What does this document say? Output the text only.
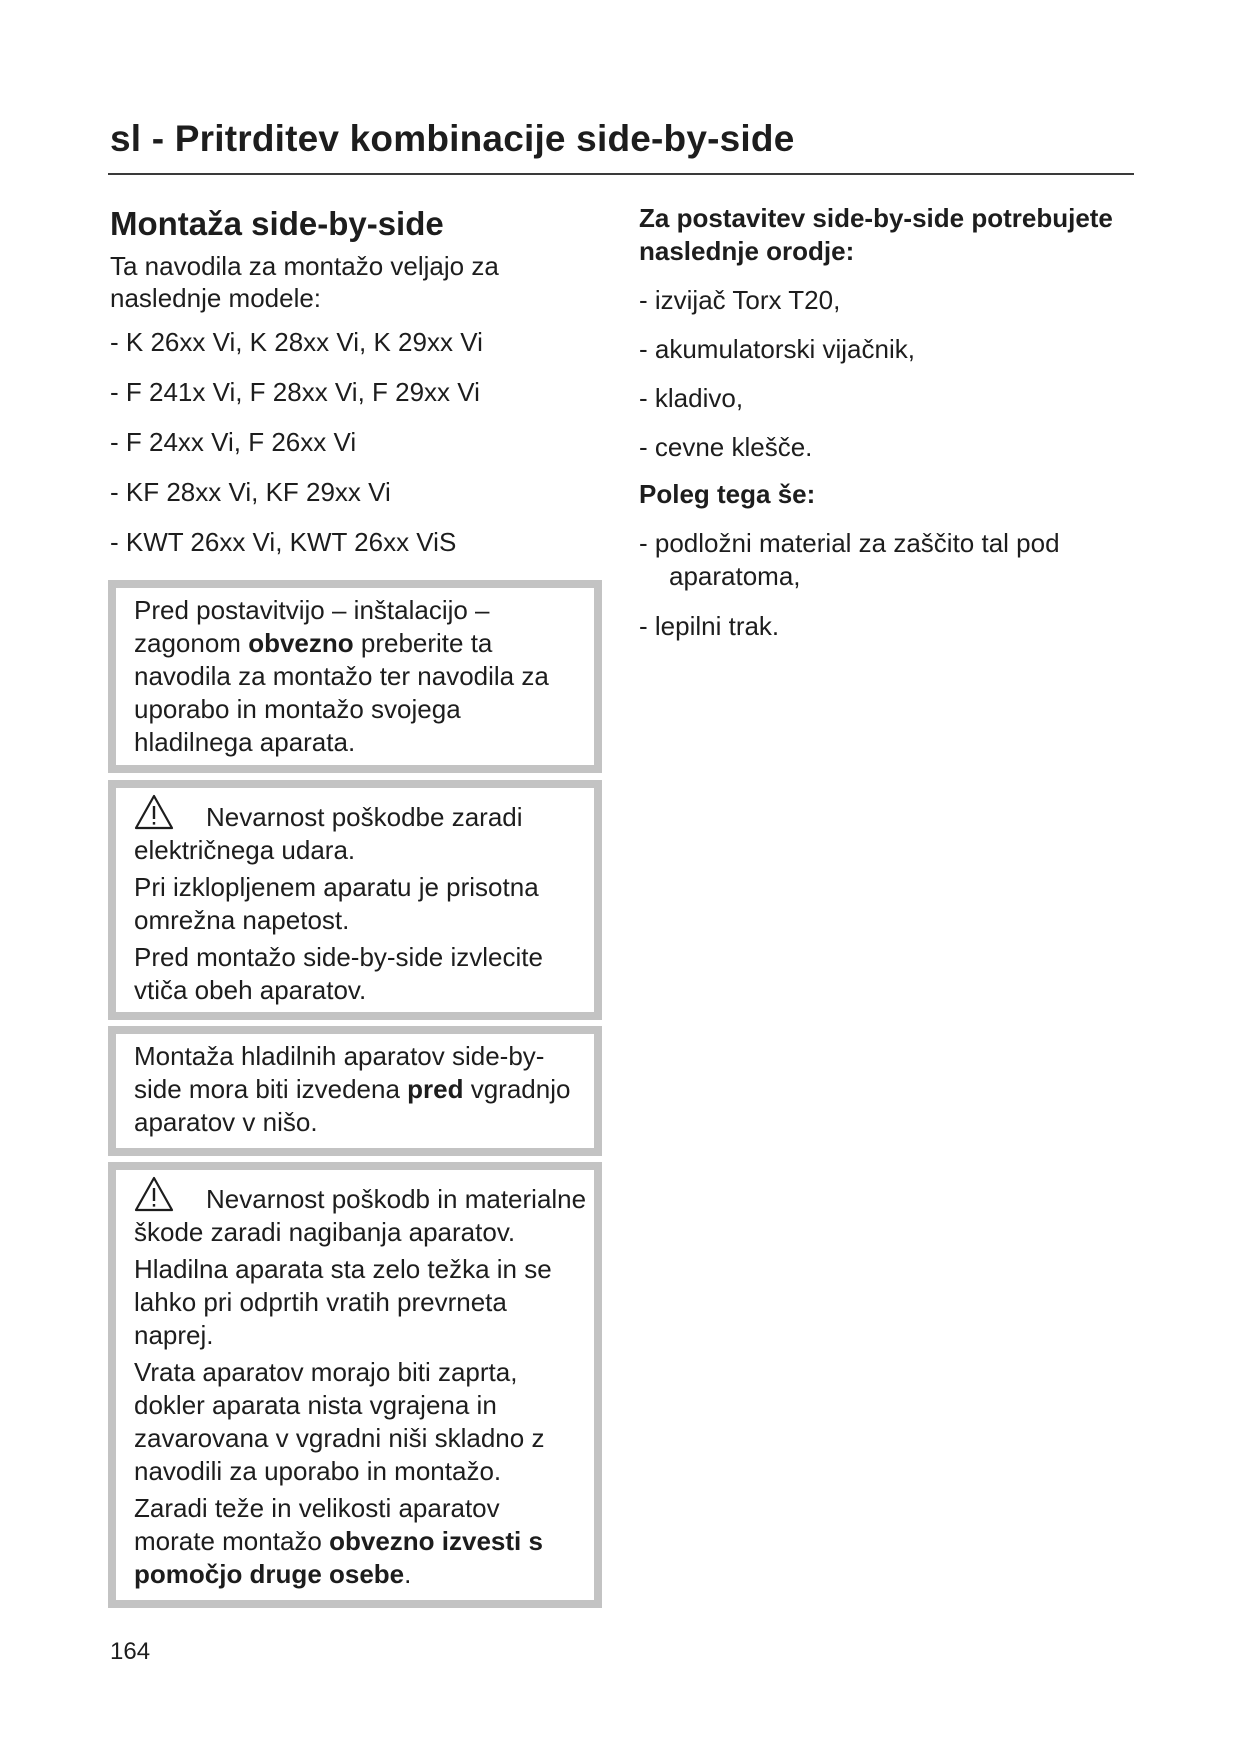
sl - Pritrditev kombinacije side-by-side
Montaža side-by-side

Ta navodila za montažo veljajo za naslednje modele:

- K 26xx Vi, K 28xx Vi, K 29xx Vi
- F 241x Vi, F 28xx Vi, F 29xx Vi
- F 24xx Vi, F 26xx Vi
- KF 28xx Vi, KF 29xx Vi
- KWT 26xx Vi, KWT 26xx ViS

Pred postavitvijo – inštalacijo – zagonom obvezno preberite ta navodila za montažo ter navodila za uporabo in montažo svojega hladilnega aparata.

Nevarnost poškodbe zaradi električnega udara.

Pri izklopljenem aparatu je prisotna omrežna napetost.

Pred montažo side-by-side izvlecite vtiča obeh aparatov.

Montaža hladilnih aparatov side-by-side mora biti izvedena pred vgradnjo aparatov v nišo.

Nevarnost poškodb in materialne

škode zaradi nagibanja aparatov.

Hladilna aparata sta zelo težka in se lahko pri odprtih vratih prevrneta naprej.

Vrata aparatov morajo biti zaprta, dokler aparata nista vgrajena in zavarovana v vgradni niši skladno z navodili za uporabo in montažo.

Zaradi teže in velikosti aparatov morate montažo obvezno izvesti s pomočjo druge osebe.

Za postavitev side-by-side potrebujete naslednje orodje:

- izvijač Torx T20,
- akumulatorski vijačnik,
- kladivo,
- cevne klešče.

Poleg tega še:

- podložni material za zaščito tal pod aparatoma,
- lepilni trak.
164
